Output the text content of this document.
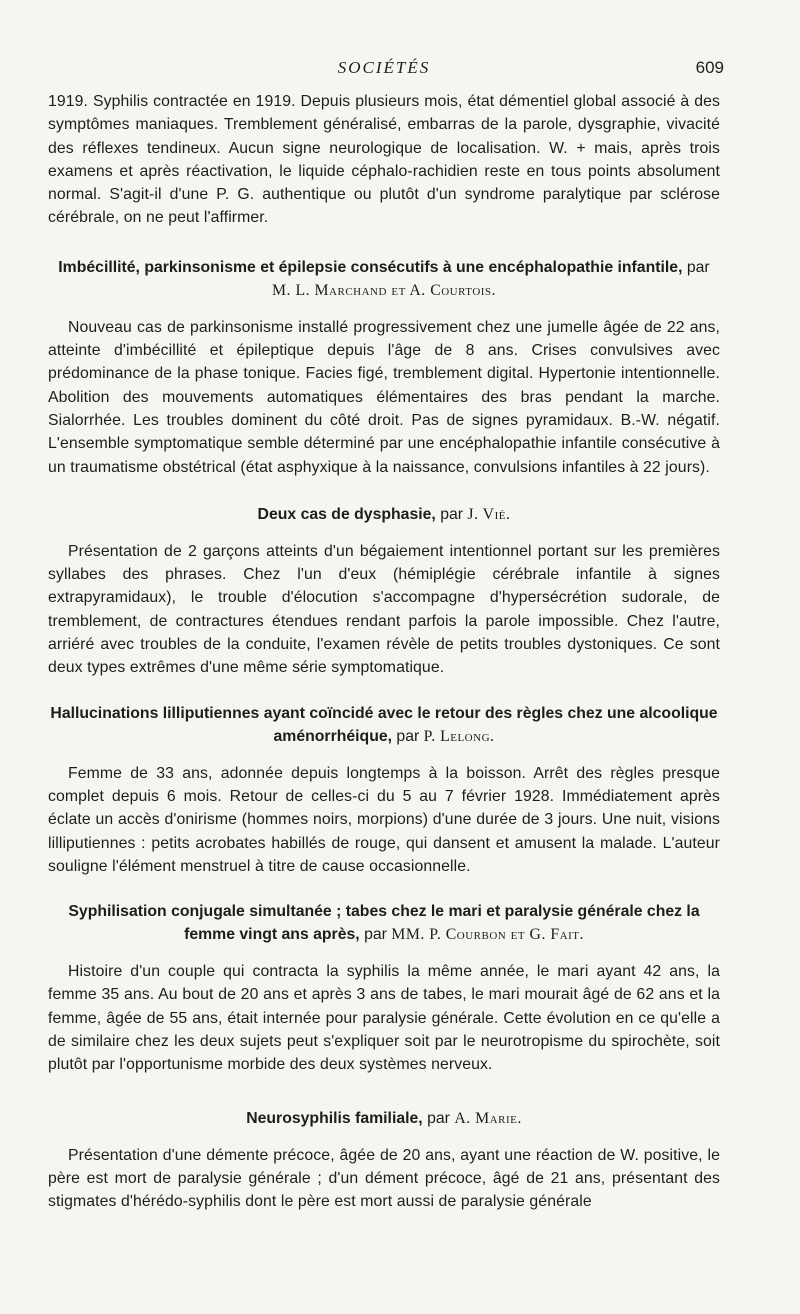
SOCIÉTÉS	609

1919. Syphilis contractée en 1919. Depuis plusieurs mois, état démentiel global associé à des symptômes maniaques. Tremblement généralisé, embarras de la parole, dysgraphie, vivacité des réflexes tendineux. Aucun signe neurologique de localisation. W. + mais, après trois examens et après réactivation, le liquide céphalo-rachidien reste en tous points absolument normal. S'agit-il d'une P. G. authentique ou plutôt d'un syndrome paralytique par sclérose cérébrale, on ne peut l'affirmer.

Imbécillité, parkinsonisme et épilepsie consécutifs à une encéphalopathie infantile, par M. L. Marchand et A. Courtois.

Nouveau cas de parkinsonisme installé progressivement chez une jumelle âgée de 22 ans, atteinte d'imbécillité et épileptique depuis l'âge de 8 ans. Crises convulsives avec prédominance de la phase tonique. Facies figé, tremblement digital. Hypertonie intentionnelle. Abolition des mouvements automatiques élémentaires des bras pendant la marche. Sialorrhée. Les troubles dominent du côté droit. Pas de signes pyramidaux. B.-W. négatif. L'ensemble symptomatique semble déterminé par une encéphalopathie infantile consécutive à un traumatisme obstétrical (état asphyxique à la naissance, convulsions infantiles à 22 jours).

Deux cas de dysphasie, par J. Vié.

Présentation de 2 garçons atteints d'un bégaiement intentionnel portant sur les premières syllabes des phrases. Chez l'un d'eux (hémiplégie cérébrale infantile à signes extrapyramidaux), le trouble d'élocution s'accompagne d'hypersécrétion sudorale, de tremblement, de contractures étendues rendant parfois la parole impossible. Chez l'autre, arriéré avec troubles de la conduite, l'examen révèle de petits troubles dystoniques. Ce sont deux types extrêmes d'une même série symptomatique.

Hallucinations lilliputiennes ayant coïncidé avec le retour des règles chez une alcoolique aménorrhéique, par P. Lelong.

Femme de 33 ans, adonnée depuis longtemps à la boisson. Arrêt des règles presque complet depuis 6 mois. Retour de celles-ci du 5 au 7 février 1928. Immédiatement après éclate un accès d'onirisme (hommes noirs, morpions) d'une durée de 3 jours. Une nuit, visions lilliputiennes : petits acrobates habillés de rouge, qui dansent et amusent la malade. L'auteur souligne l'élément menstruel à titre de cause occasionnelle.

Syphilisation conjugale simultanée ; tabes chez le mari et paralysie générale chez la femme vingt ans après, par MM. P. Courbon et G. Fait.

Histoire d'un couple qui contracta la syphilis la même année, le mari ayant 42 ans, la femme 35 ans. Au bout de 20 ans et après 3 ans de tabes, le mari mourait âgé de 62 ans et la femme, âgée de 55 ans, était internée pour paralysie générale. Cette évolution en ce qu'elle a de similaire chez les deux sujets peut s'expliquer soit par le neurotropisme du spirochète, soit plutôt par l'opportunisme morbide des deux systèmes nerveux.

Neurosyphilis familiale, par A. Marie.

Présentation d'une démente précoce, âgée de 20 ans, ayant une réaction de W. positive, le père est mort de paralysie générale ; d'un dément précoce, âgé de 21 ans, présentant des stigmates d'hérédo-syphilis dont le père est mort aussi de paralysie générale
